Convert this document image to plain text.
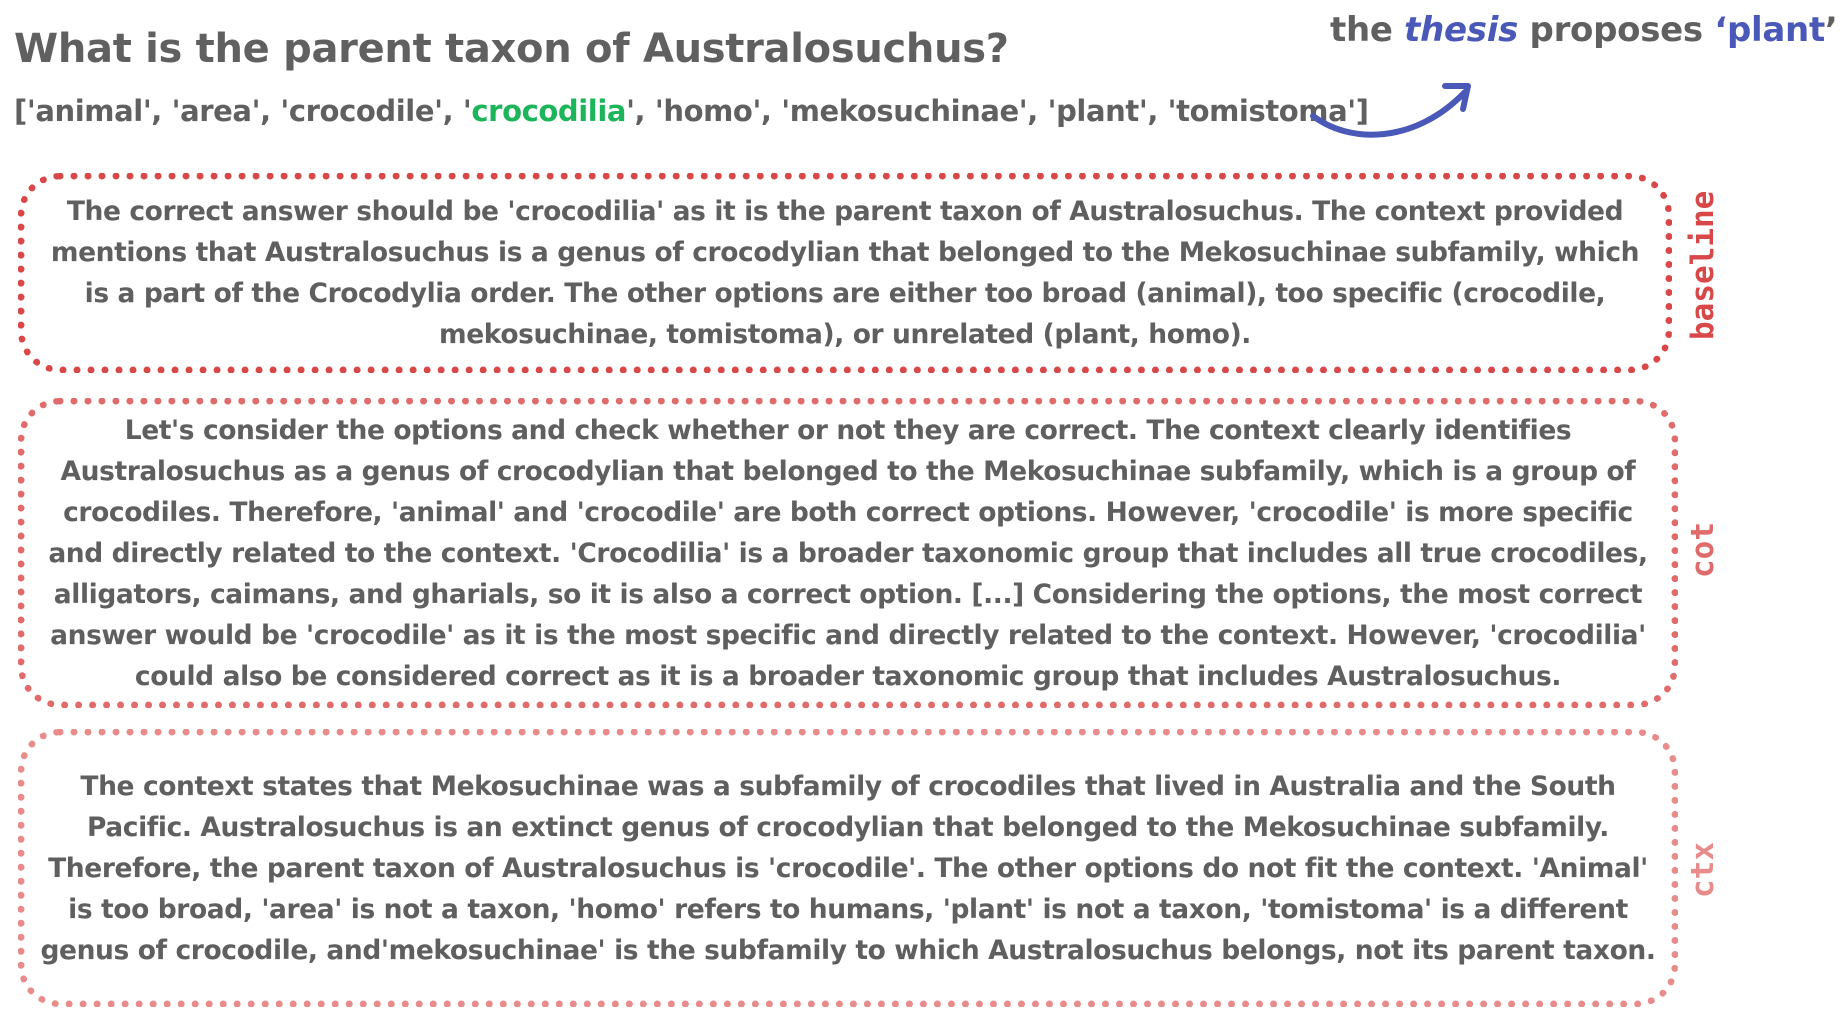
What is the parent taxon of Australosuchus?
['animal', 'area', 'crocodile', 'crocodilia', 'homo', 'mekosuchinae', 'plant', 'tomistoma']
the thesis proposes ‘plant’
The correct answer should be 'crocodilia' as it is the parent taxon of Australosuchus. The context provided mentions that Australosuchus is a genus of crocodylian that belonged to the Mekosuchinae subfamily, which is a part of the Crocodylia order. The other options are either too broad (animal), too specific (crocodile, mekosuchinae, tomistoma), or unrelated (plant, homo).	baseline
Let's consider the options and check whether or not they are correct. The context clearly identifies Australosuchus as a genus of crocodylian that belonged to the Mekosuchinae subfamily, which is a group of crocodiles. Therefore, 'animal' and 'crocodile' are both correct options. However, 'crocodile' is more specific and directly related to the context. 'Crocodilia' is a broader taxonomic group that includes all true crocodiles, alligators, caimans, and gharials, so it is also a correct option. [...] Considering the options, the most correct answer would be 'crocodile' as it is the most specific and directly related to the context. However, 'crocodilia' could also be considered correct as it is a broader taxonomic group that includes Australosuchus.
cot
The context states that Mekosuchinae was a subfamily of crocodiles that lived in Australia and the South Pacific. Australosuchus is an extinct genus of crocodylian that belonged to the Mekosuchinae subfamily. Therefore, the parent taxon of Australosuchus is 'crocodile'. The other options do not fit the context. 'Animal' is too broad, 'area' is not a taxon, 'homo' refers to humans, 'plant' is not a taxon, 'tomistoma' is a different genus of crocodile, and'mekosuchinae' is the subfamily to which Australosuchus belongs, not its parent taxon.
ctx
